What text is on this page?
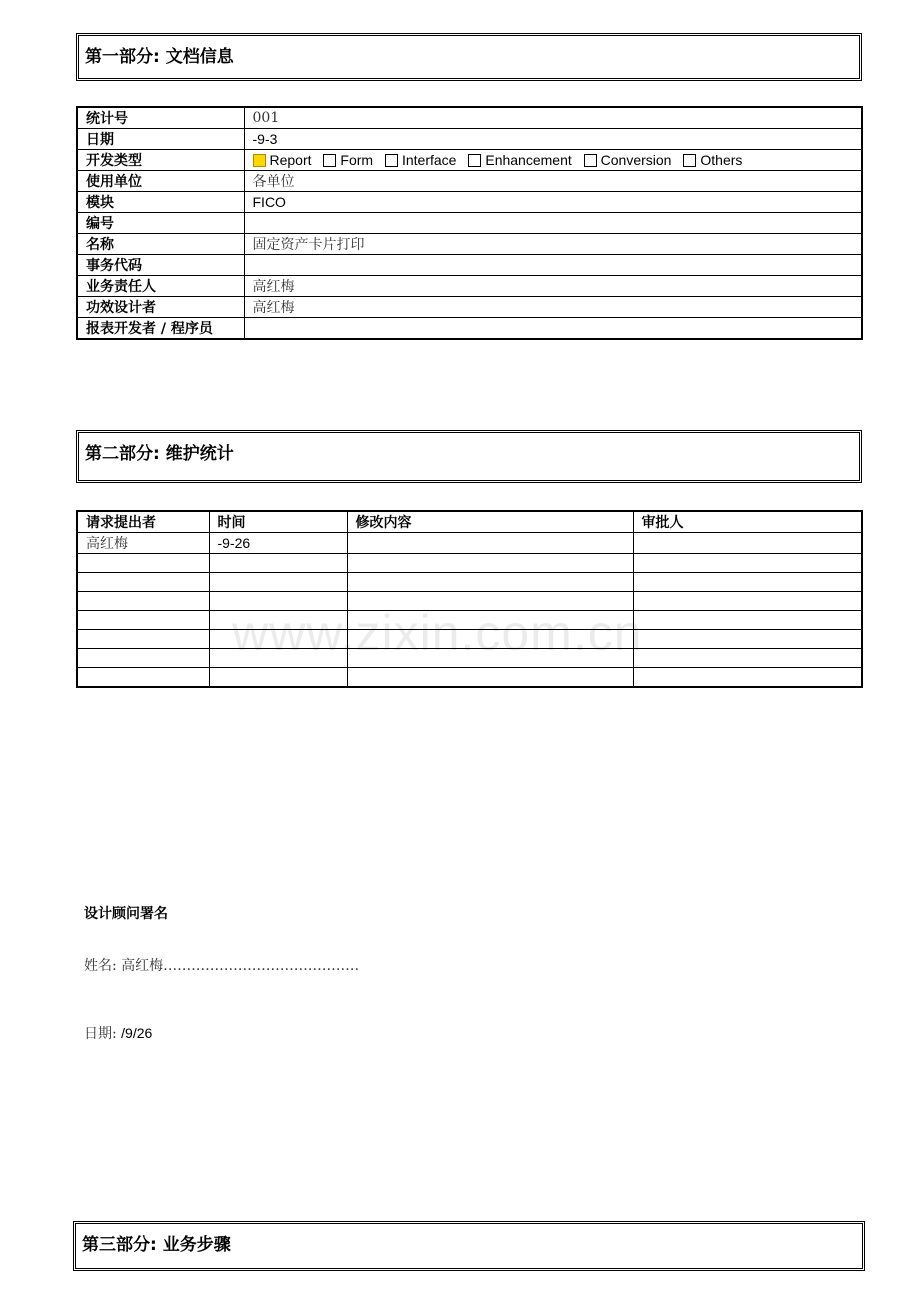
第一部分: 文档信息
统计号	001
日期	-9-3
开发类型	Report Form Interface Enhancement Conversion Others
使用单位	各单位
模块	FICO
编号	
名称	固定资产卡片打印
事务代码	
业务责任人	高红梅
功效设计者	高红梅
报表开发者 / 程序员	
第二部分: 维护统计
请求提出者	时间	修改内容	审批人
高红梅	-9-26		

www.zixin.com.cn
设计顾问署名
姓名: 高红梅……………………………………
日期: /9/26
第三部分: 业务步骤
